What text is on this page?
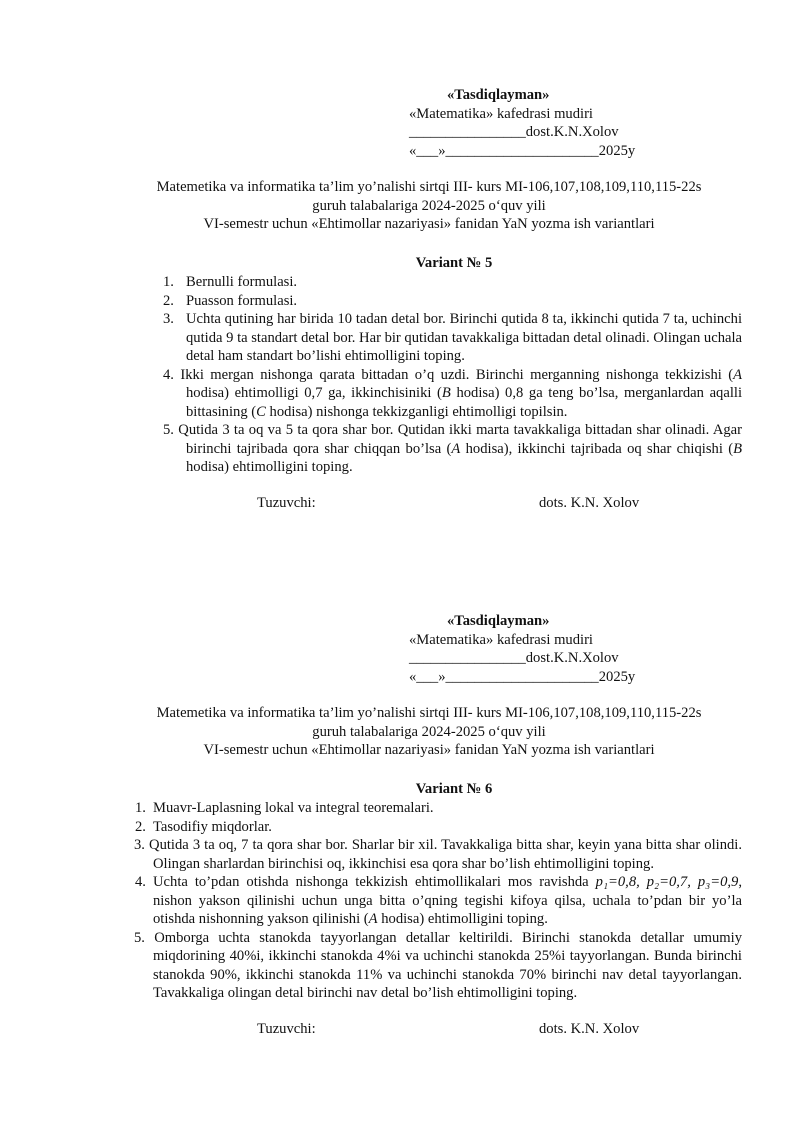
«Tasdiqlayman»
«Matematika» kafedrasi mudiri
________________dost.K.N.Xolov
«___»_____________________2025y
Matemetika va informatika ta’lim yo’nalishi sirtqi III- kurs MI-106,107,108,109,110,115-22s
guruh talabalariga 2024-2025 o‘quv yili
VI-semestr uchun «Ehtimollar nazariyasi» fanidan YaN yozma ish variantlari
Variant № 5

1. Bernulli formulasi.

2. Puasson formulasi.

3. Uchta qutining har birida 10 tadan detal bor. Birinchi qutida 8 ta, ikkinchi qutida 7 ta, uchinchi qutida 9 ta standart detal bor. Har bir qutidan tavakkaliga bittadan detal olinadi. Olingan uchala detal ham standart bo’lishi ehtimolligini toping.

4. Ikki mergan nishonga qarata bittadan o’q uzdi. Birinchi merganning nishonga tekkizishi (A hodisa) ehtimolligi 0,7 ga, ikkinchisiniki (B hodisa) 0,8 ga teng bo’lsa, merganlardan aqalli bittasining (C hodisa) nishonga tekkizganligi ehtimolligi topilsin.

5. Qutida 3 ta oq va 5 ta qora shar bor. Qutidan ikki marta tavakkaliga bittadan shar olinadi. Agar birinchi tajribada qora shar chiqqan bo’lsa (A hodisa), ikkinchi tajribada oq shar chiqishi (B hodisa) ehtimolligini toping.

Tuzuvchi:	dots. K.N. Xolov
«Tasdiqlayman»
«Matematika» kafedrasi mudiri
________________dost.K.N.Xolov
«___»_____________________2025y
Matemetika va informatika ta’lim yo’nalishi sirtqi III- kurs MI-106,107,108,109,110,115-22s
guruh talabalariga 2024-2025 o‘quv yili
VI-semestr uchun «Ehtimollar nazariyasi» fanidan YaN yozma ish variantlari
Variant № 6

1. Muavr-Laplasning lokal va integral teoremalari.

2. Tasodifiy miqdorlar.

3. Qutida 3 ta oq, 7 ta qora shar bor. Sharlar bir xil. Tavakkaliga bitta shar, keyin yana bitta shar olindi. Olingan sharlardan birinchisi oq, ikkinchisi esa qora shar bo’lish ehtimolligini toping.

4. Uchta to’pdan otishda nishonga tekkizish ehtimollikalari mos ravishda p₁=0,8, p₂=0,7, p₃=0,9, nishon yakson qilinishi uchun unga bitta o’qning tegishi kifoya qilsa, uchala to’pdan bir yo’la otishda nishonning yakson qilinishi (A hodisa) ehtimolligini toping.

5. Omborga uchta stanokda tayyorlangan detallar keltirildi. Birinchi stanokda detallar umumiy miqdorining 40%i, ikkinchi stanokda 4%i va uchinchi stanokda 25%i tayyorlangan. Bunda birinchi stanokda 90%, ikkinchi stanokda 11% va uchinchi stanokda 70% birinchi nav detal tayyorlangan. Tavakkaliga olingan detal birinchi nav detal bo’lish ehtimolligini toping.

Tuzuvchi:	dots. K.N. Xolov
